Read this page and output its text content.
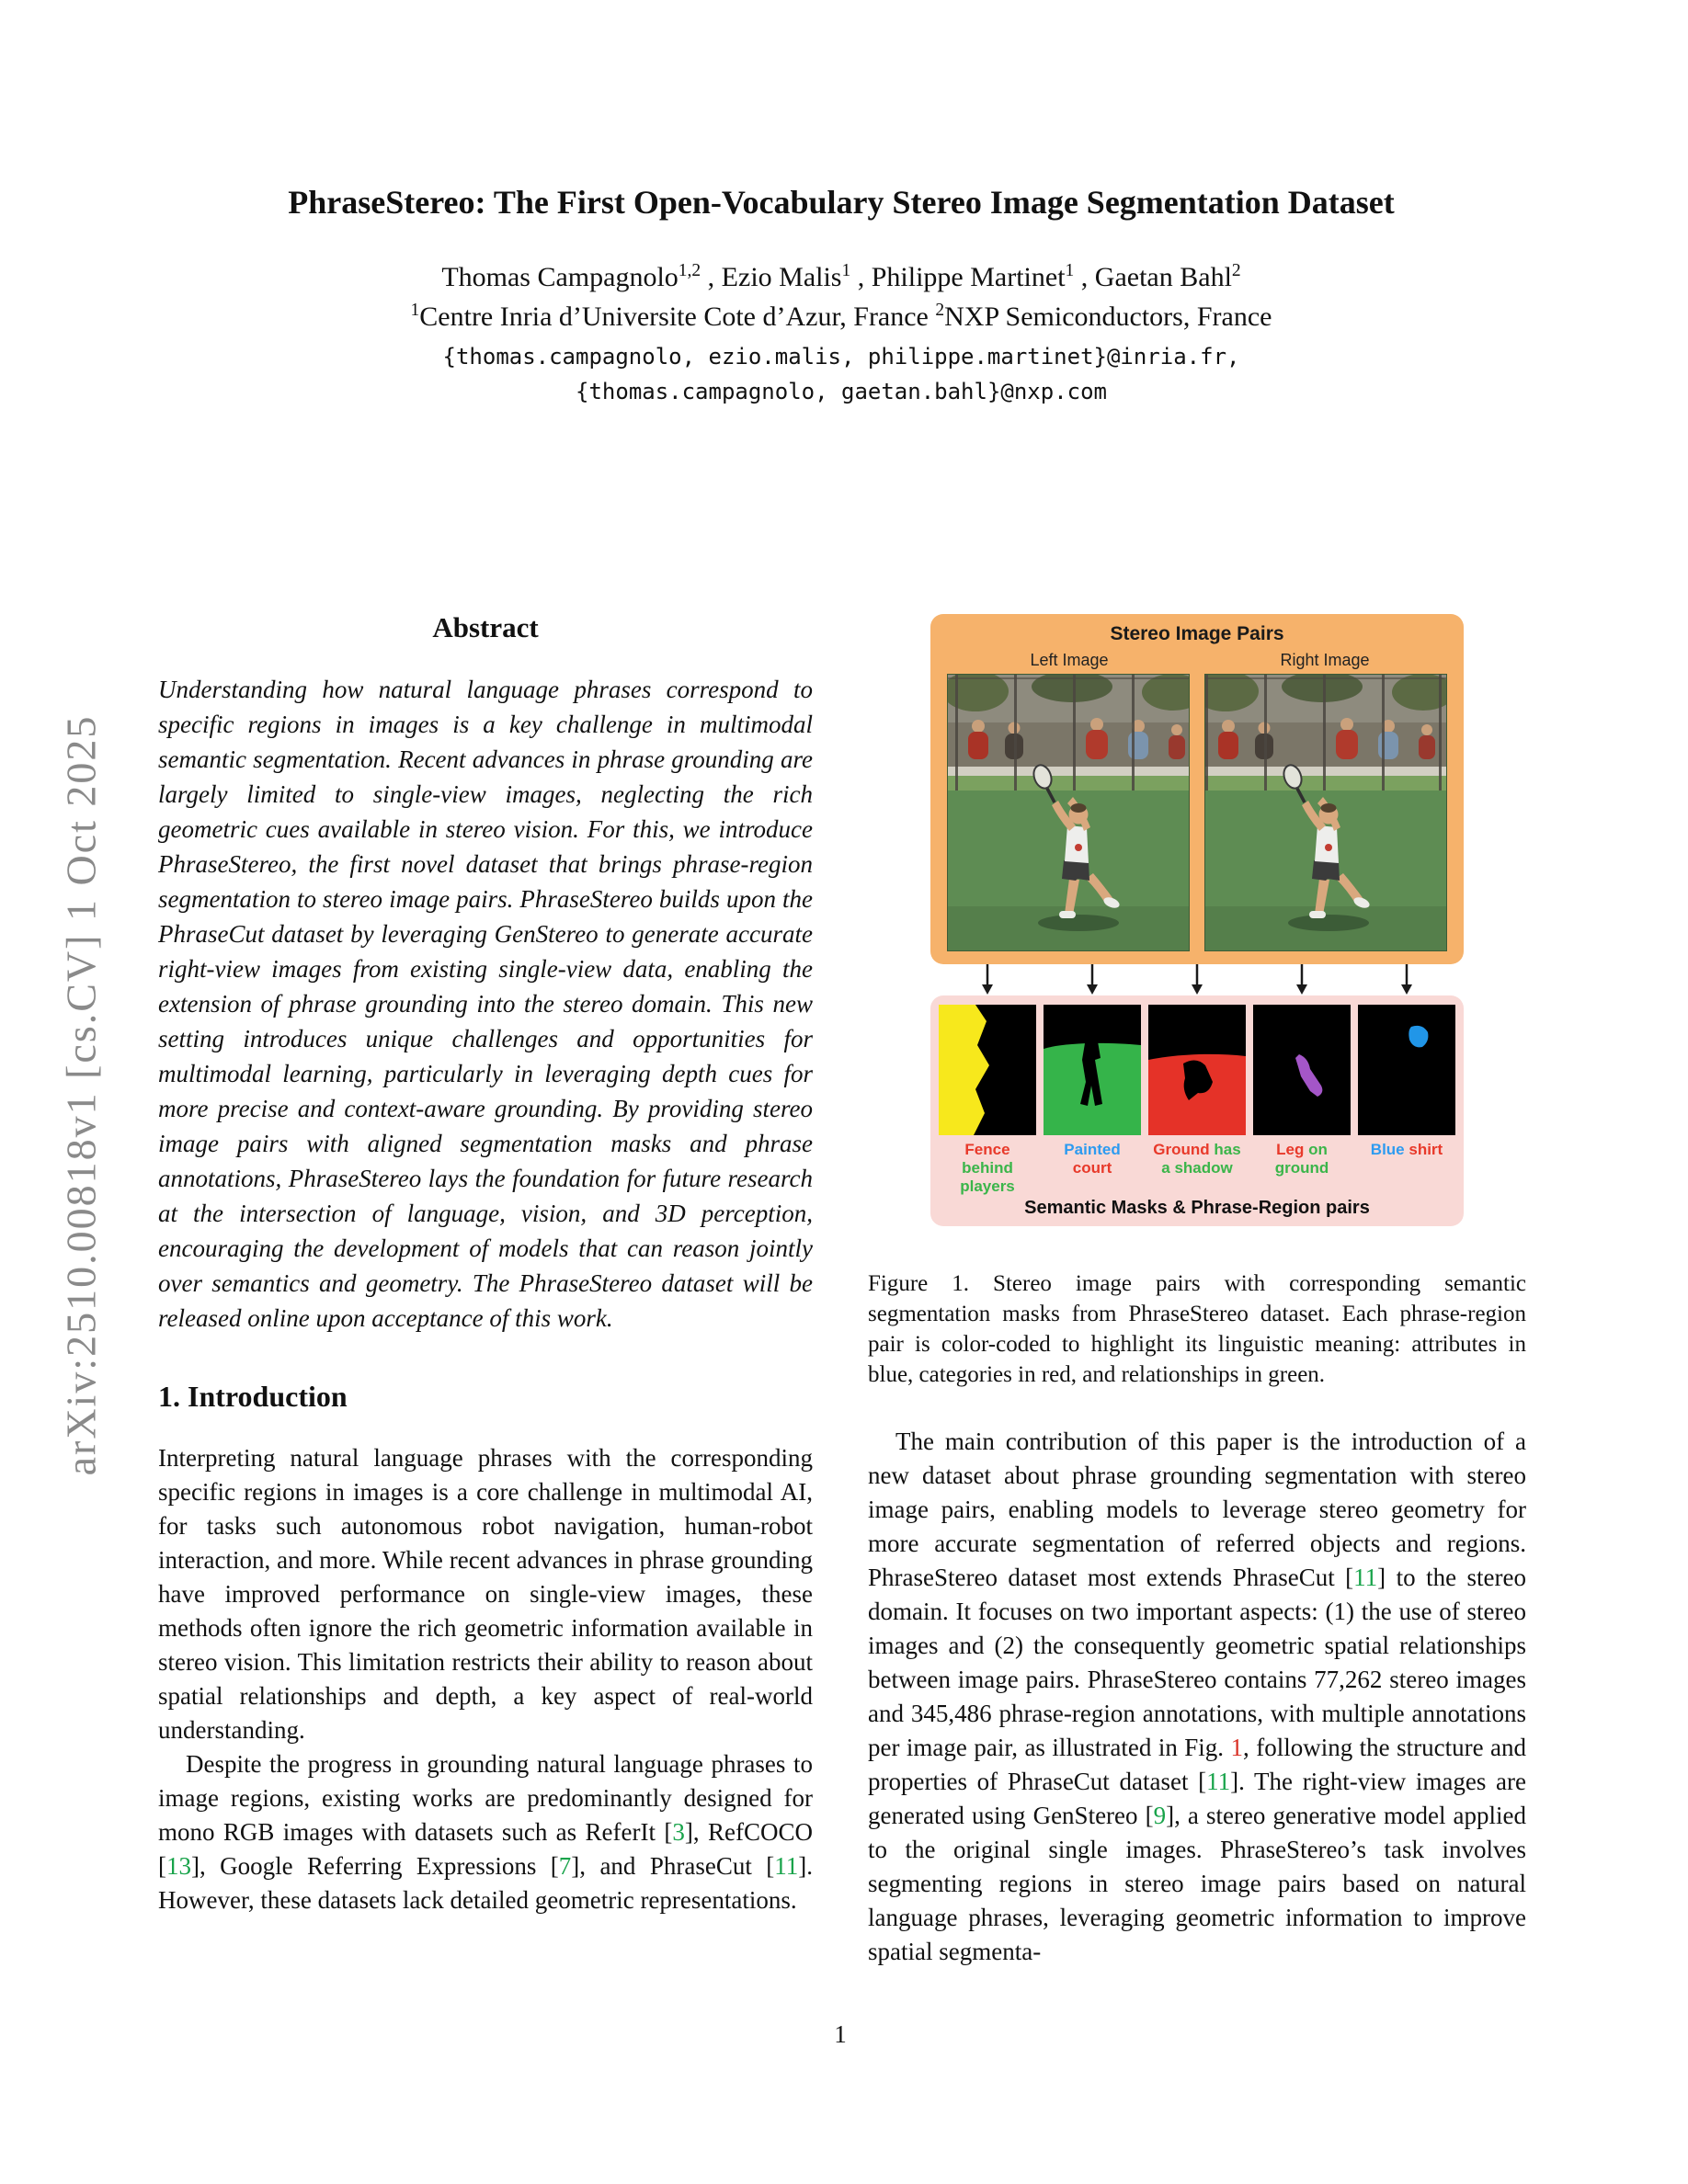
arXiv:2510.00818v1 [cs.CV] 1 Oct 2025
PhraseStereo: The First Open-Vocabulary Stereo Image Segmentation Dataset
Thomas Campagnolo$^{1,2}$ , Ezio Malis$^1$ , Philippe Martinet$^1$ , Gaetan Bahl$^2$
$^1$Centre Inria d’Universite Cote d’Azur, France $^2$NXP Semiconductors, France
{thomas.campagnolo, ezio.malis, philippe.martinet}@inria.fr,
{thomas.campagnolo, gaetan.bahl}@nxp.com
Abstract

Understanding how natural language phrases correspond to specific regions in images is a key challenge in multimodal semantic segmentation. Recent advances in phrase grounding are largely limited to single-view images, neglecting the rich geometric cues available in stereo vision. For this, we introduce PhraseStereo, the first novel dataset that brings phrase-region segmentation to stereo image pairs. PhraseStereo builds upon the PhraseCut dataset by leveraging GenStereo to generate accurate right-view images from existing single-view data, enabling the extension of phrase grounding into the stereo domain. This new setting introduces unique challenges and opportunities for multimodal learning, particularly in leveraging depth cues for more precise and context-aware grounding. By providing stereo image pairs with aligned segmentation masks and phrase annotations, PhraseStereo lays the foundation for future research at the intersection of language, vision, and 3D perception, encouraging the development of models that can reason jointly over semantics and geometry. The PhraseStereo dataset will be released online upon acceptance of this work.

1. Introduction

Interpreting natural language phrases with the corresponding specific regions in images is a core challenge in multimodal AI, for tasks such autonomous robot navigation, human-robot interaction, and more. While recent advances in phrase grounding have improved performance on single-view images, these methods often ignore the rich geometric information available in stereo vision. This limitation restricts their ability to reason about spatial relationships and depth, a key aspect of real-world understanding.

Despite the progress in grounding natural language phrases to image regions, existing works are predominantly designed for mono RGB images with datasets such as ReferIt [3], RefCOCO [13], Google Referring Expressions [7], and PhraseCut [11]. However, these datasets lack detailed geometric representations.

Stereo Image Pairs
Left Image	Right Image
Fence behind players
Painted court
Ground has a shadow
Leg on ground
Blue shirt
Semantic Masks & Phrase-Region pairs

Figure 1. Stereo image pairs with corresponding semantic segmentation masks from PhraseStereo dataset. Each phrase-region pair is color-coded to highlight its linguistic meaning: attributes in blue, categories in red, and relationships in green.

The main contribution of this paper is the introduction of a new dataset about phrase grounding segmentation with stereo image pairs, enabling models to leverage stereo geometry for more accurate segmentation of referred objects and regions. PhraseStereo dataset most extends PhraseCut [11] to the stereo domain. It focuses on two important aspects: (1) the use of stereo images and (2) the consequently geometric spatial relationships between image pairs. PhraseStereo contains 77,262 stereo images and 345,486 phrase-region annotations, with multiple annotations per image pair, as illustrated in Fig. 1, following the structure and properties of PhraseCut dataset [11]. The right-view images are generated using GenStereo [9], a stereo generative model applied to the original single images. PhraseStereo’s task involves segmenting regions in stereo image pairs based on natural language phrases, leveraging geometric information to improve spatial segmenta-

1
